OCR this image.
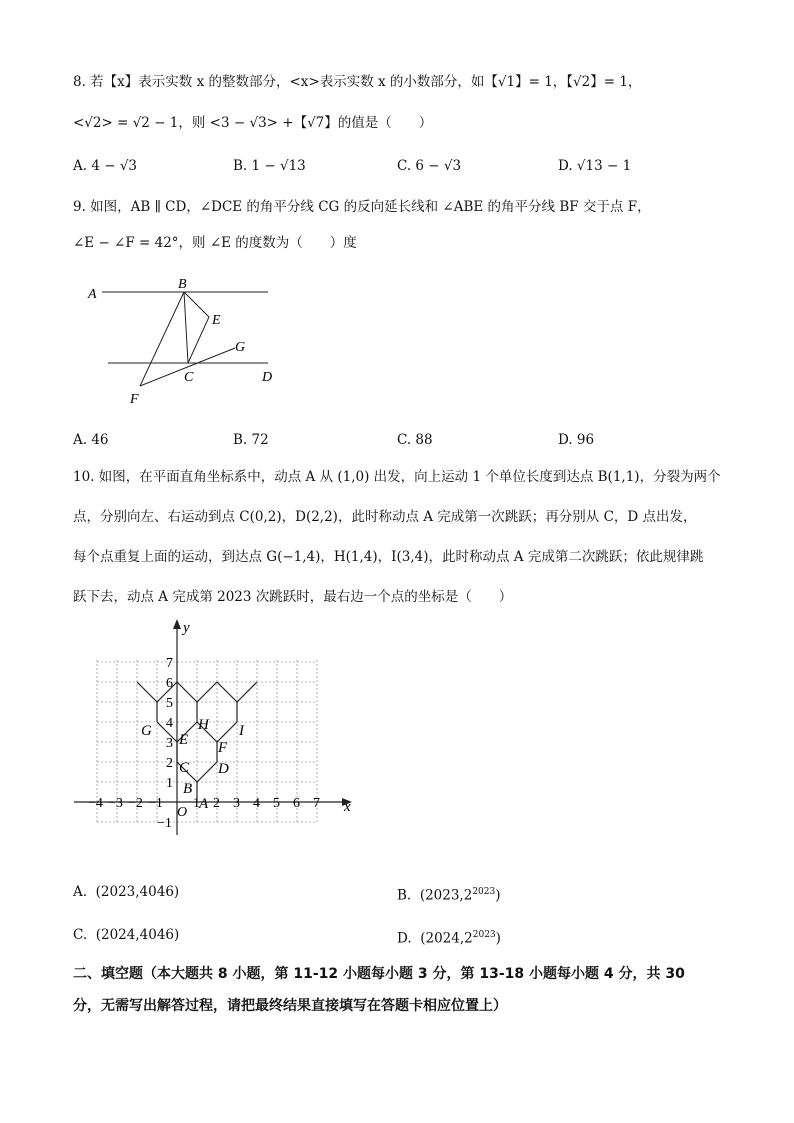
8. 若【x】表示实数 x 的整数部分，<x>表示实数 x 的小数部分，如【√1】= 1，【√2】= 1，
<√2> = √2 − 1，则 <3 − √3> +【√7】的值是（　　）
A. 4 − √3	B. 1 − √13	C. 6 − √3	D. √13 − 1
9. 如图，AB ∥ CD，∠DCE 的角平分线 CG 的反向延长线和 ∠ABE 的角平分线 BF 交于点 F，
∠E − ∠F = 42°，则 ∠E 的度数为（　　）度
A
B
E
G
C	D
F
A. 46	B. 72	C. 88	D. 96
10. 如图，在平面直角坐标系中，动点 A 从 (1,0) 出发，向上运动 1 个单位长度到达点 B(1,1)，分裂为两个
点，分别向左、右运动到点 C(0,2)，D(2,2)，此时称动点 A 完成第一次跳跃；再分别从 C，D 点出发，
每个点重复上面的运动，到达点 G(−1,4)，H(1,4)，I(3,4)，此时称动点 A 完成第二次跳跃；依此规律跳
跃下去，动点 A 完成第 2023 次跳跃时，最右边一个点的坐标是（　　）
x
y
O
−4 −3 −2 −1 1 2 3 4 5 6 7
1
2
3
4
5
6
7
−1
A
B
C D
E F
G	H I
A. (2023,4046)	B. $(2023,2^{2023})$
C. (2024,4046)	D. $(2024,2^{2023})$
二、填空题（本大题共 8 小题，第 11-12 小题每小题 3 分，第 13-18 小题每小题 4 分，共 30
分，无需写出解答过程，请把最终结果直接填写在答题卡相应位置上）
